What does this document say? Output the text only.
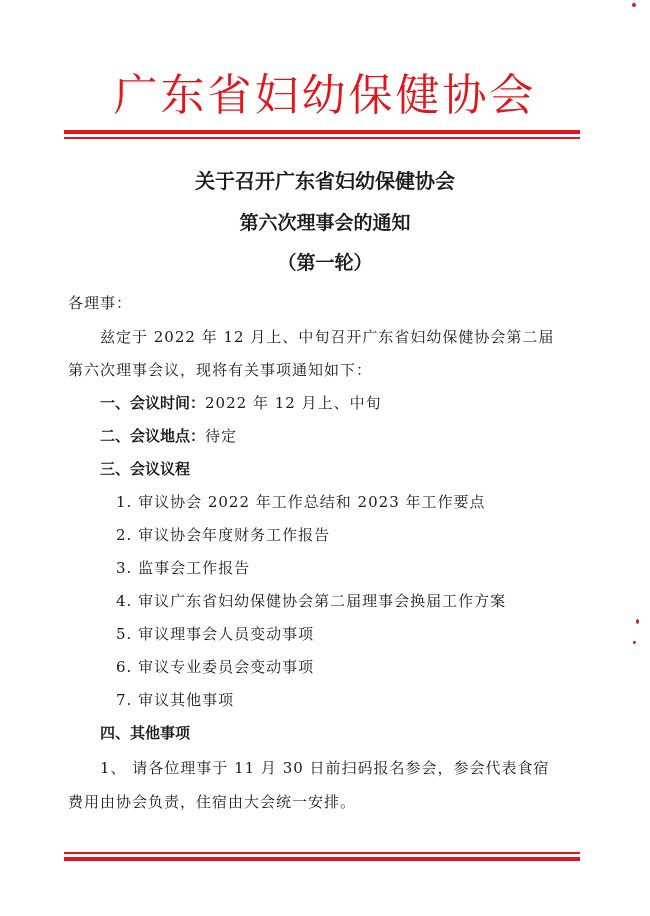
广东省妇幼保健协会
关于召开广东省妇幼保健协会
第六次理事会的通知
（第一轮）
各理事：
兹定于 2022 年 12 月上、中旬召开广东省妇幼保健协会第二届
第六次理事会议，现将有关事项通知如下：
一、会议时间：2022 年 12 月上、中旬
二、会议地点：待定
三、会议议程
1. 审议协会 2022 年工作总结和 2023 年工作要点
2. 审议协会年度财务工作报告
3. 监事会工作报告
4. 审议广东省妇幼保健协会第二届理事会换届工作方案
5. 审议理事会人员变动事项
6. 审议专业委员会变动事项
7. 审议其他事项
四、其他事项
1、 请各位理事于 11 月 30 日前扫码报名参会，参会代表食宿
费用由协会负责，住宿由大会统一安排。
